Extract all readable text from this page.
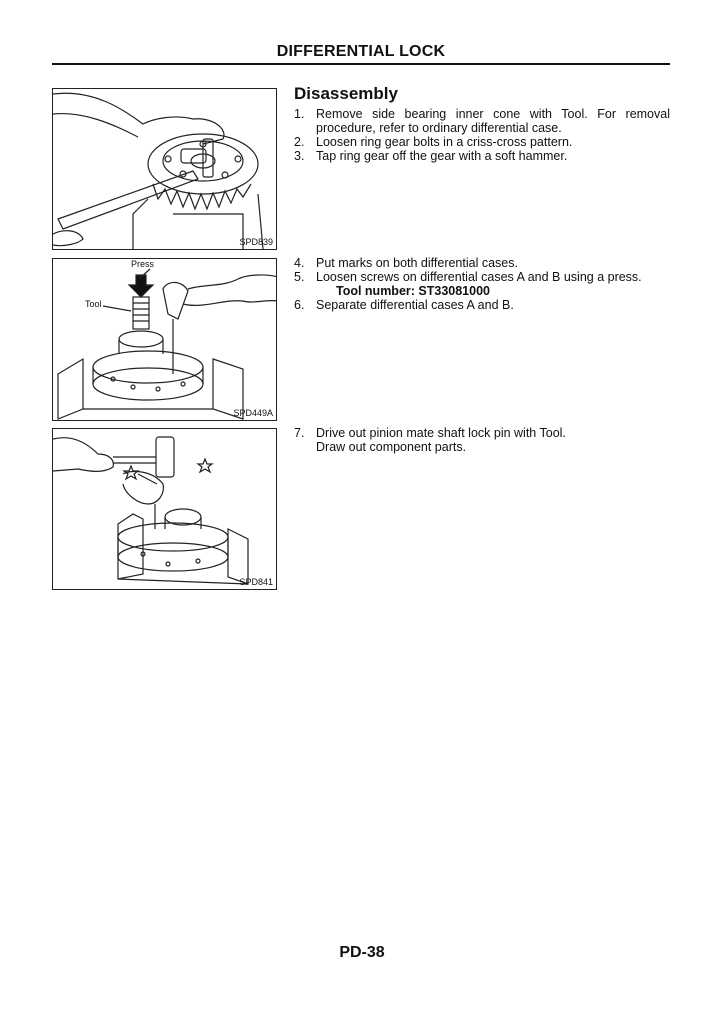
DIFFERENTIAL LOCK
SPD839
Press
Tool
SPD449A
SPD841
Disassembly
1. Remove side bearing inner cone with Tool. For removal procedure, refer to ordinary differential case.
2. Loosen ring gear bolts in a criss-cross pattern.
3. Tap ring gear off the gear with a soft hammer.
4. Put marks on both differential cases.
5. Loosen screws on differential cases A and B using a press.
Tool number: ST33081000
6. Separate differential cases A and B.
7. Drive out pinion mate shaft lock pin with Tool.
Draw out component parts.
PD-38
